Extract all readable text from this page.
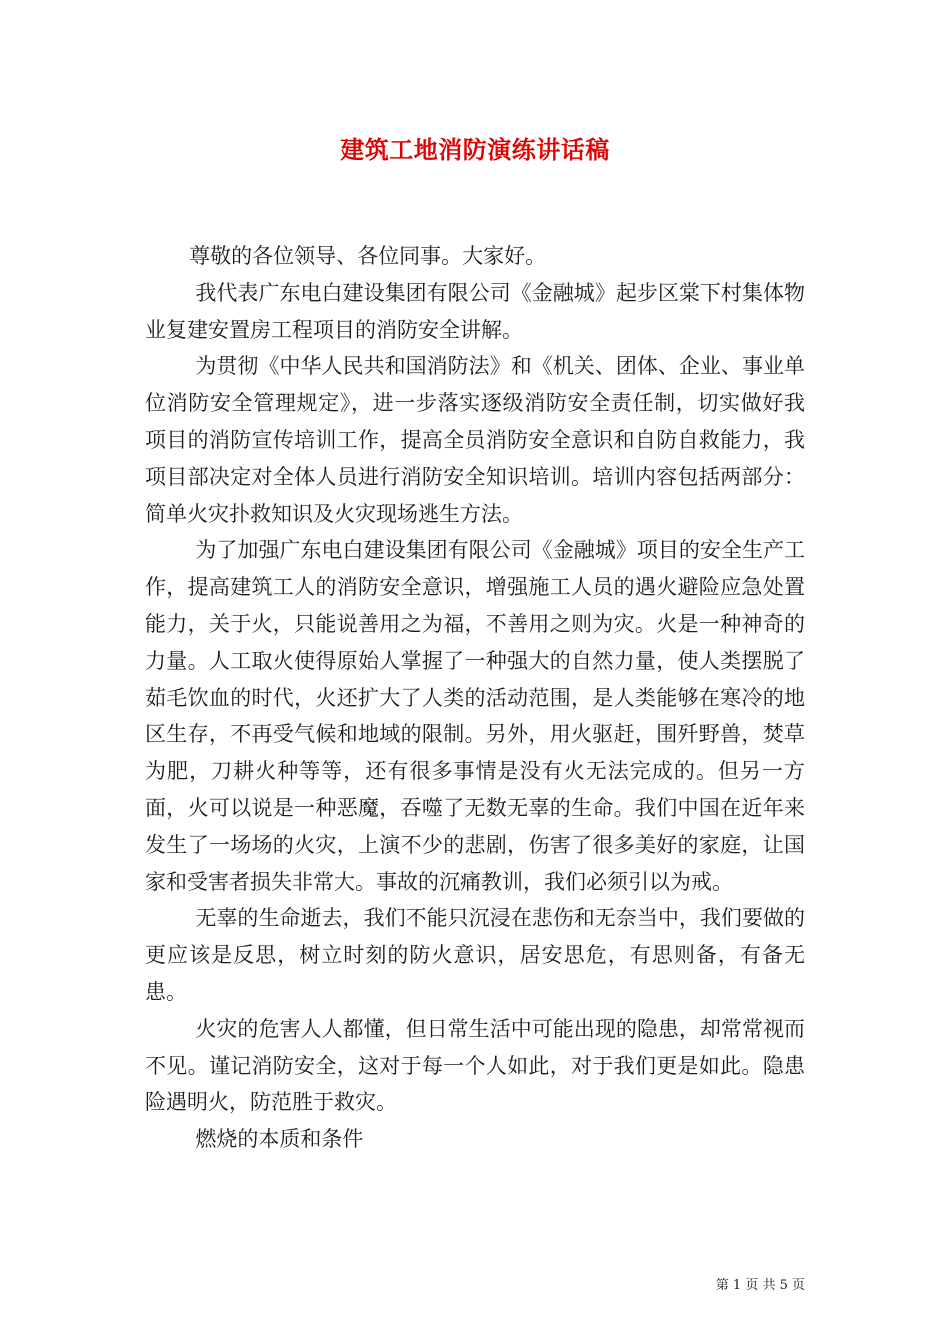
建筑工地消防演练讲话稿

尊敬的各位领导、各位同事。大家好。

我代表广东电白建设集团有限公司《金融城》起步区棠下村集体物业复建安置房工程项目的消防安全讲解。

为贯彻《中华人民共和国消防法》和《机关、团体、企业、事业单位消防安全管理规定》，进一步落实逐级消防安全责任制，切实做好我项目的消防宣传培训工作，提高全员消防安全意识和自防自救能力，我项目部决定对全体人员进行消防安全知识培训。培训内容包括两部分：简单火灾扑救知识及火灾现场逃生方法。

为了加强广东电白建设集团有限公司《金融城》项目的安全生产工作，提高建筑工人的消防安全意识，增强施工人员的遇火避险应急处置能力，关于火，只能说善用之为福，不善用之则为灾。火是一种神奇的力量。人工取火使得原始人掌握了一种强大的自然力量，使人类摆脱了茹毛饮血的时代，火还扩大了人类的活动范围，是人类能够在寒冷的地区生存，不再受气候和地域的限制。另外，用火驱赶，围歼野兽，焚草为肥，刀耕火种等等，还有很多事情是没有火无法完成的。但另一方面，火可以说是一种恶魔，吞噬了无数无辜的生命。我们中国在近年来发生了一场场的火灾，上演不少的悲剧，伤害了很多美好的家庭，让国家和受害者损失非常大。事故的沉痛教训，我们必须引以为戒。

无辜的生命逝去，我们不能只沉浸在悲伤和无奈当中，我们要做的更应该是反思，树立时刻的防火意识，居安思危，有思则备，有备无患。

火灾的危害人人都懂，但日常生活中可能出现的隐患，却常常视而不见。谨记消防安全，这对于每一个人如此，对于我们更是如此。隐患险遇明火，防范胜于救灾。

燃烧的本质和条件

第 1 页 共 5 页
